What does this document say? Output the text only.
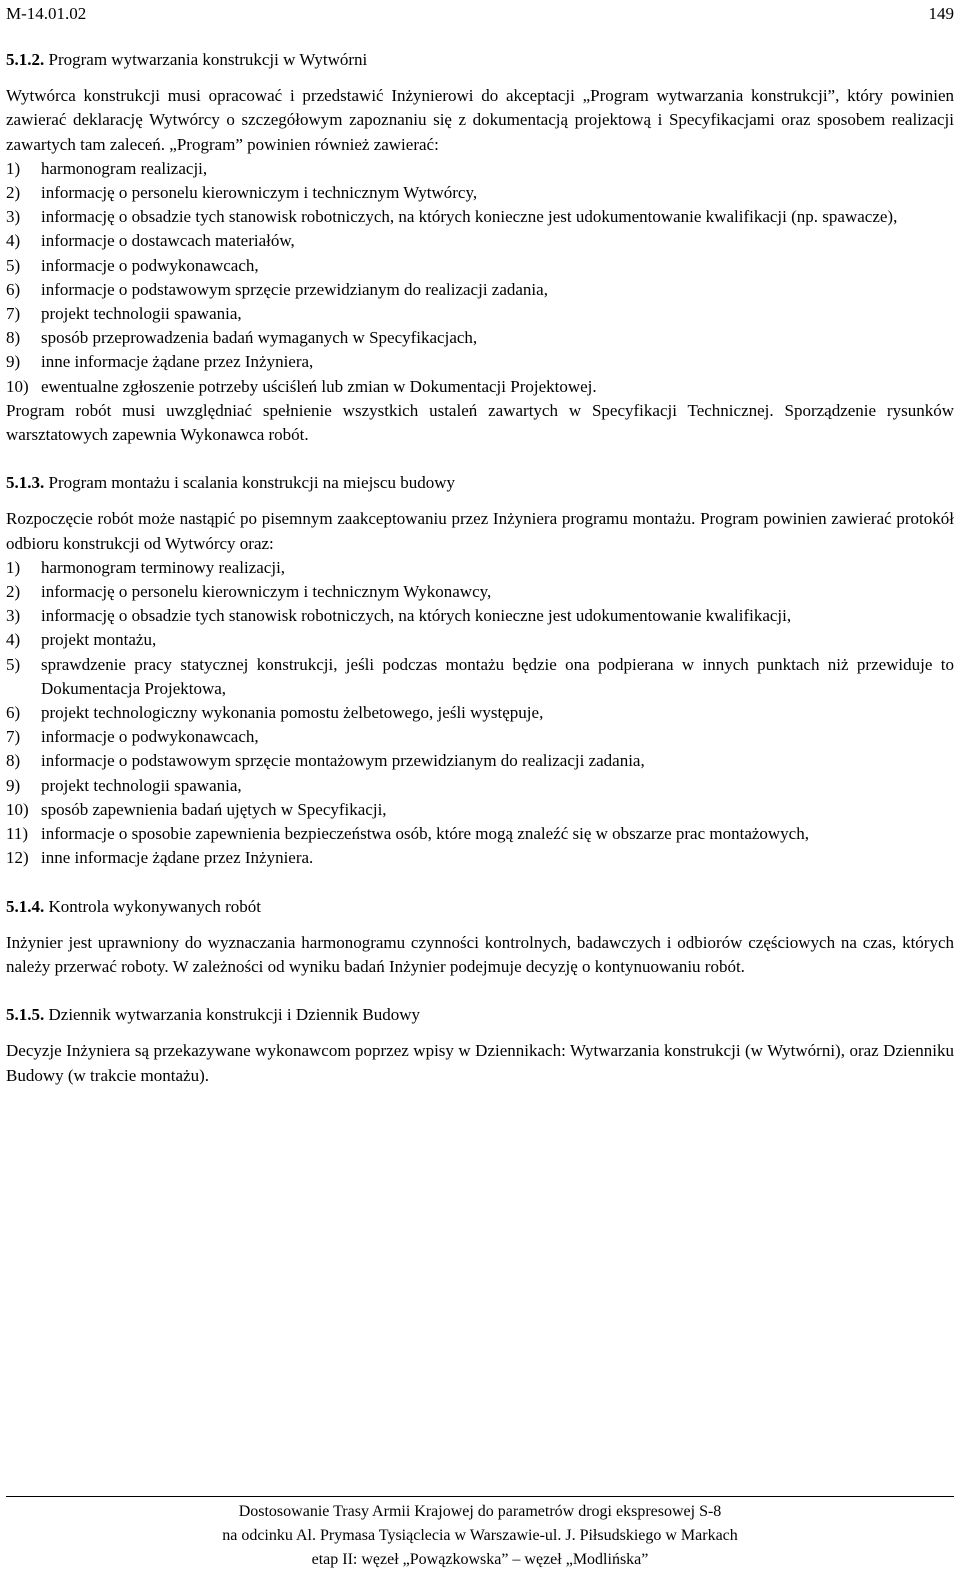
M-14.01.02	149
5.1.2. Program wytwarzania konstrukcji w Wytwórni

Wytwórca konstrukcji musi opracować i przedstawić Inżynierowi do akceptacji „Program wytwarzania konstrukcji”, który powinien zawierać deklarację Wytwórcy o szczegółowym zapoznaniu się z dokumentacją projektową i Specyfikacjami oraz sposobem realizacji zawartych tam zaleceń. „Program” powinien również zawierać:

1) harmonogram realizacji,
2) informację o personelu kierowniczym i technicznym Wytwórcy,
3) informację o obsadzie tych stanowisk robotniczych, na których konieczne jest udokumentowanie kwalifikacji (np. spawacze),
4) informacje o dostawcach materiałów,
5) informacje o podwykonawcach,
6) informacje o podstawowym sprzęcie przewidzianym do realizacji zadania,
7) projekt technologii spawania,
8) sposób przeprowadzenia badań wymaganych w Specyfikacjach,
9) inne informacje żądane przez Inżyniera,
10) ewentualne zgłoszenie potrzeby uściśleń lub zmian w Dokumentacji Projektowej.

Program robót musi uwzględniać spełnienie wszystkich ustaleń zawartych w Specyfikacji Technicznej. Sporządzenie rysunków warsztatowych zapewnia Wykonawca robót.

5.1.3. Program montażu i scalania konstrukcji na miejscu budowy

Rozpoczęcie robót może nastąpić po pisemnym zaakceptowaniu przez Inżyniera programu montażu. Program powinien zawierać protokół odbioru konstrukcji od Wytwórcy oraz:

1) harmonogram terminowy realizacji,
2) informację o personelu kierowniczym i technicznym Wykonawcy,
3) informację o obsadzie tych stanowisk robotniczych, na których konieczne jest udokumentowanie kwalifikacji,
4) projekt montażu,
5) sprawdzenie pracy statycznej konstrukcji, jeśli podczas montażu będzie ona podpierana w innych punktach niż przewiduje to Dokumentacja Projektowa,
6) projekt technologiczny wykonania pomostu żelbetowego, jeśli występuje,
7) informacje o podwykonawcach,
8) informacje o podstawowym sprzęcie montażowym przewidzianym do realizacji zadania,
9) projekt technologii spawania,
10) sposób zapewnienia badań ujętych w Specyfikacji,
11) informacje o sposobie zapewnienia bezpieczeństwa osób, które mogą znaleźć się w obszarze prac montażowych,
12) inne informacje żądane przez Inżyniera.
5.1.4. Kontrola wykonywanych robót

Inżynier jest uprawniony do wyznaczania harmonogramu czynności kontrolnych, badawczych i odbiorów częściowych na czas, których należy przerwać roboty. W zależności od wyniku badań Inżynier podejmuje decyzję o kontynuowaniu robót.

5.1.5. Dziennik wytwarzania konstrukcji i Dziennik Budowy

Decyzje Inżyniera są przekazywane wykonawcom poprzez wpisy w Dziennikach: Wytwarzania konstrukcji (w Wytwórni), oraz Dzienniku Budowy (w trakcie montażu).

Dostosowanie Trasy Armii Krajowej do parametrów drogi ekspresowej S-8
na odcinku Al. Prymasa Tysiąclecia w Warszawie-ul. J. Piłsudskiego w Markach
etap II: węzeł „Powązkowska” – węzeł „Modlińska”
